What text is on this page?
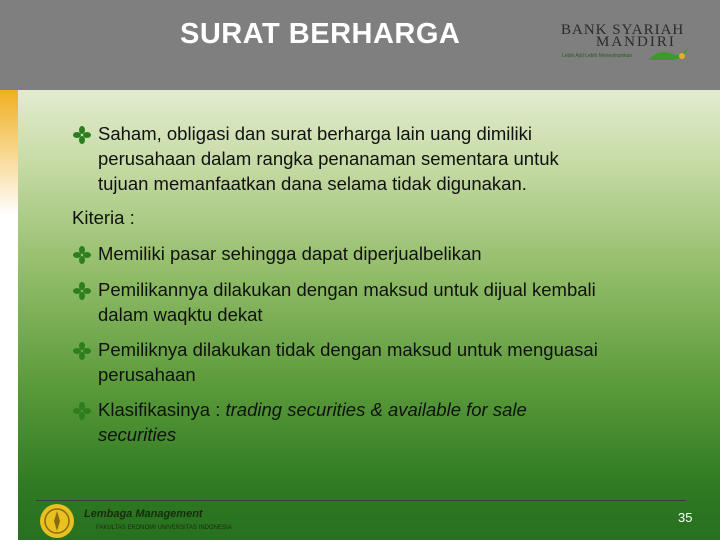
SURAT BERHARGA	BANK SYARIAH
MANDIRI
Lebih Adil Lebih Menentramkan
Saham, obligasi dan surat berharga lain uang dimiliki
perusahaan dalam rangka penanaman sementara untuk
tujuan memanfaatkan dana selama tidak digunakan.
Kiteria :
Memiliki pasar sehingga dapat diperjualbelikan
Pemilikannya dilakukan dengan maksud untuk dijual kembali
dalam waqktu dekat
Pemiliknya dilakukan tidak dengan maksud untuk menguasai
perusahaan
Klasifikasinya : trading securities & available for sale
securities
Lembaga Management
FAKULTAS EKONOMI UNIVERSITAS INDONESIA
35
